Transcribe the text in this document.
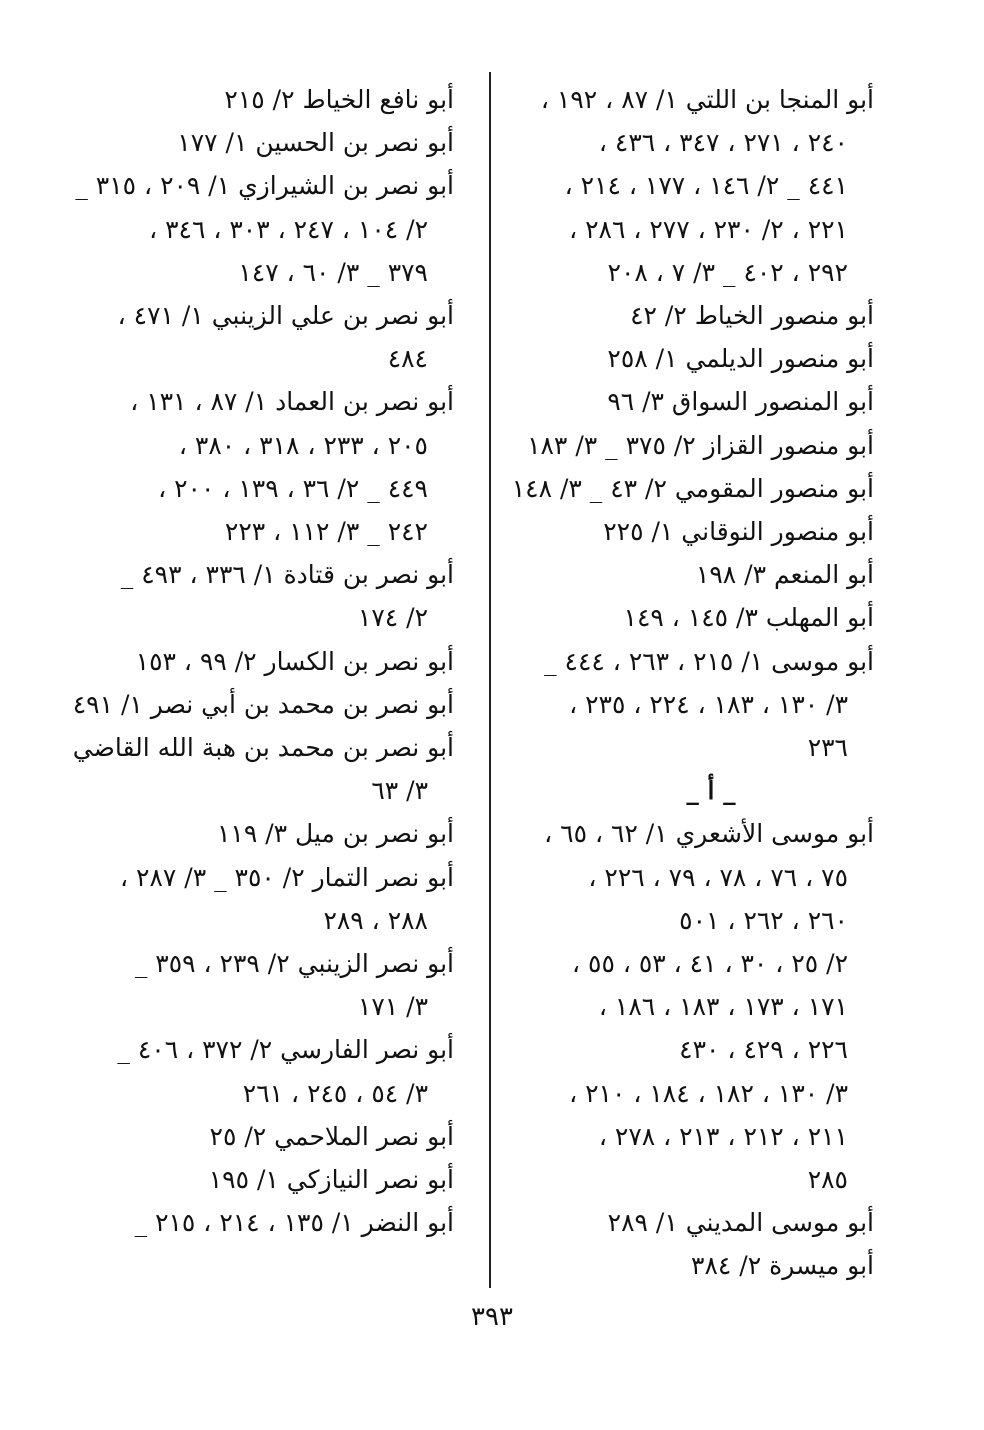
أبو المنجا بن اللتي ١/ ٨٧ ، ١٩٢ ،
٢٤٠ ، ٢٧١ ، ٣٤٧ ، ٤٣٦ ،
٤٤١ _ ٢/ ١٤٦ ، ١٧٧ ، ٢١٤ ،
٢٢١ ، ٢/ ٢٣٠ ، ٢٧٧ ، ٢٨٦ ،
٢٩٢ ، ٤٠٢ _ ٣/ ٧ ، ٢٠٨

أبو منصور الخياط ٢/ ٤٢

أبو منصور الديلمي ١/ ٢٥٨

أبو المنصور السواق ٣/ ٩٦

أبو منصور القزاز ٢/ ٣٧٥ _ ٣/ ١٨٣

أبو منصور المقومي ٢/ ٤٣ _ ٣/ ١٤٨

أبو منصور النوقاني ١/ ٢٢٥

أبو المنعم ٣/ ١٩٨

أبو المهلب ٣/ ١٤٥ ، ١٤٩

أبو موسى ١/ ٢١٥ ، ٢٦٣ ، ٤٤٤ _
٣/ ١٣٠ ، ١٨٣ ، ٢٢٤ ، ٢٣٥ ،
٢٣٦

_ أ _

أبو موسى الأشعري ١/ ٦٢ ، ٦٥ ،
٧٥ ، ٧٦ ، ٧٨ ، ٧٩ ، ٢٢٦ ،
٢٦٠ ، ٢٦٢ ، ٥٠١
٢/ ٢٥ ، ٣٠ ، ٤١ ، ٥٣ ، ٥٥ ،
١٧١ ، ١٧٣ ، ١٨٣ ، ١٨٦ ،
٢٢٦ ، ٤٢٩ ، ٤٣٠
٣/ ١٣٠ ، ١٨٢ ، ١٨٤ ، ٢١٠ ،
٢١١ ، ٢١٢ ، ٢١٣ ، ٢٧٨ ،
٢٨٥

أبو موسى المديني ١/ ٢٨٩

أبو ميسرة ٢/ ٣٨٤

أبو نافع الخياط ٢/ ٢١٥

أبو نصر بن الحسين ١/ ١٧٧

أبو نصر بن الشيرازي ١/ ٢٠٩ ، ٣١٥ _
٢/ ١٠٤ ، ٢٤٧ ، ٣٠٣ ، ٣٤٦ ،
٣٧٩ _ ٣/ ٦٠ ، ١٤٧

أبو نصر بن علي الزينبي ١/ ٤٧١ ،
٤٨٤

أبو نصر بن العماد ١/ ٨٧ ، ١٣١ ،
٢٠٥ ، ٢٣٣ ، ٣١٨ ، ٣٨٠ ،
٤٤٩ _ ٢/ ٣٦ ، ١٣٩ ، ٢٠٠ ،
٢٤٢ _ ٣/ ١١٢ ، ٢٢٣

أبو نصر بن قتادة ١/ ٣٣٦ ، ٤٩٣ _
٢/ ١٧٤

أبو نصر بن الكسار ٢/ ٩٩ ، ١٥٣

أبو نصر بن محمد بن أبي نصر ١/ ٤٩١

أبو نصر بن محمد بن هبة الله القاضي
٣/ ٦٣

أبو نصر بن ميل ٣/ ١١٩

أبو نصر التمار ٢/ ٣٥٠ _ ٣/ ٢٨٧ ،
٢٨٨ ، ٢٨٩

أبو نصر الزينبي ٢/ ٢٣٩ ، ٣٥٩ _
٣/ ١٧١

أبو نصر الفارسي ٢/ ٣٧٢ ، ٤٠٦ _
٣/ ٥٤ ، ٢٤٥ ، ٢٦١

أبو نصر الملاحمي ٢/ ٢٥

أبو نصر النيازكي ١/ ١٩٥

أبو النضر ١/ ١٣٥ ، ٢١٤ ، ٢١٥ _

٣٩٣
